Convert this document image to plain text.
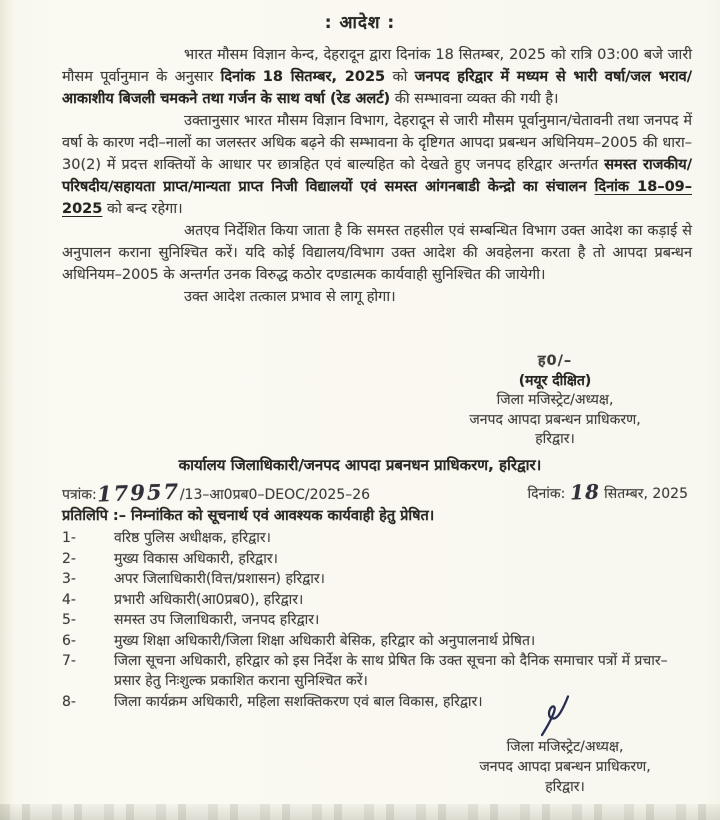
: आदेश :

भारत मौसम विज्ञान केन्द, देहरादून द्वारा दिनांक 18 सितम्बर, 2025 को रात्रि 03:00 बजे जारी मौसम पूर्वानुमान के अनुसार दिनांक 18 सितम्बर, 2025 को जनपद हरिद्वार में मध्यम से भारी वर्षा/जल भराव/आकाशीय बिजली चमकने तथा गर्जन के साथ वर्षा (रेड अलर्ट) की सम्भावना व्यक्त की गयी है।

उक्तानुसार भारत मौसम विज्ञान विभाग, देहरादून से जारी मौसम पूर्वानुमान/चेतावनी तथा जनपद में वर्षा के कारण नदी–नालों का जलस्तर अधिक बढ़ने की सम्भावना के दृष्टिगत आपदा प्रबन्धन अधिनियम–2005 की धारा–30(2) में प्रदत्त शक्तियों के आधार पर छात्रहित एवं बाल्यहित को देखते हुए जनपद हरिद्वार अन्तर्गत समस्त राजकीय/परिषदीय/सहायता प्राप्त/मान्यता प्राप्त निजी विद्यालयों एवं समस्त आंगनबाडी केन्द्रो का संचालन दिनांक 18–09–2025 को बन्द रहेगा।

अतएव निर्देशित किया जाता है कि समस्त तहसील एवं सम्बन्धित विभाग उक्त आदेश का कड़ाई से अनुपालन कराना सुनिश्चित करें। यदि कोई विद्यालय/विभाग उक्त आदेश की अवहेलना करता है तो आपदा प्रबन्धन अधिनियम–2005 के अन्तर्गत उनक विरुद्ध कठोर दण्डात्मक कार्यवाही सुनिश्चित की जायेगी।

उक्त आदेश तत्काल प्रभाव से लागू होगा।

ह0/–
(मयूर दीक्षित)
जिला मजिस्ट्रेट/अध्यक्ष,
जनपद आपदा प्रबन्धन प्राधिकरण,
हरिद्वार।
कार्यालय जिलाधिकारी/जनपद आपदा प्रबनधन प्राधिकरण, हरिद्वार।
पत्रांक:17957/13–आ0प्रब0–DEOC/2025–26	दिनांक: 18 सितम्बर, 2025
प्रतिलिपि :– निम्नांकित को सूचनार्थ एवं आवश्यक कार्यवाही हेतु प्रेषित।
1-	वरिष्ठ पुलिस अधीक्षक, हरिद्वार।
2-	मुख्य विकास अधिकारी, हरिद्वार।
3-	अपर जिलाधिकारी(वित्त/प्रशासन) हरिद्वार।
4-	प्रभारी अधिकारी(आ0प्रब0), हरिद्वार।
5-	समस्त उप जिलाधिकारी, जनपद हरिद्वार।
6-	मुख्य शिक्षा अधिकारी/जिला शिक्षा अधिकारी बेसिक, हरिद्वार को अनुपालनार्थ प्रेषित।
7-	जिला सूचना अधिकारी, हरिद्वार को इस निर्देश के साथ प्रेषित कि उक्त सूचना को दैनिक समाचार पत्रों में प्रचार–प्रसार हेतु निःशुल्क प्रकाशित कराना सुनिश्चित करें।
8-	जिला कार्यक्रम अधिकारी, महिला सशक्तिकरण एवं बाल विकास, हरिद्वार।
जिला मजिस्ट्रेट/अध्यक्ष,
जनपद आपदा प्रबन्धन प्राधिकरण,
हरिद्वार।
